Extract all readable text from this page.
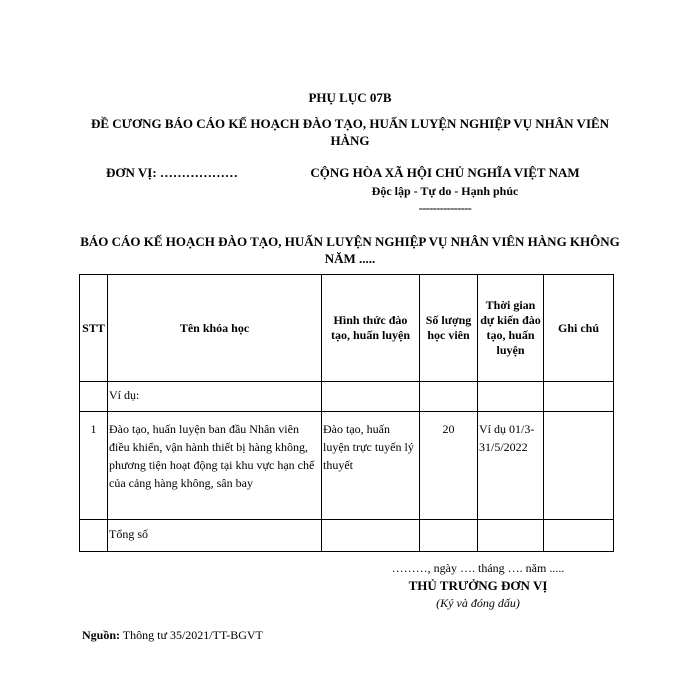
PHỤ LỤC 07B
ĐỀ CƯƠNG BÁO CÁO KẾ HOẠCH ĐÀO TẠO, HUẤN LUYỆN NGHIỆP VỤ NHÂN VIÊN HÀNG
ĐƠN VỊ: ………………	CỘNG HÒA XÃ HỘI CHỦ NGHĨA VIỆT NAM
Độc lập - Tự do - Hạnh phúc
---------------
BÁO CÁO KẾ HOẠCH ĐÀO TẠO, HUẤN LUYỆN NGHIỆP VỤ NHÂN VIÊN HÀNG KHÔNG NĂM .....
STT	Tên khóa học	Hình thức đào tạo, huấn luyện	Số lượng học viên	Thời gian dự kiến đào tạo, huấn luyện	Ghi chú
	Ví dụ:				
1	Đào tạo, huấn luyện ban đầu Nhân viên điều khiển, vận hành thiết bị hàng không, phương tiện hoạt động tại khu vực hạn chế của cảng hàng không, sân bay	Đào tạo, huấn luyện trực tuyến lý thuyết	20	Ví dụ 01/3-31/5/2022	
	Tổng số				
………, ngày …. tháng …. năm .....
THỦ TRƯỞNG ĐƠN VỊ
(Ký và đóng dấu)
Nguồn: Thông tư 35/2021/TT-BGVT
